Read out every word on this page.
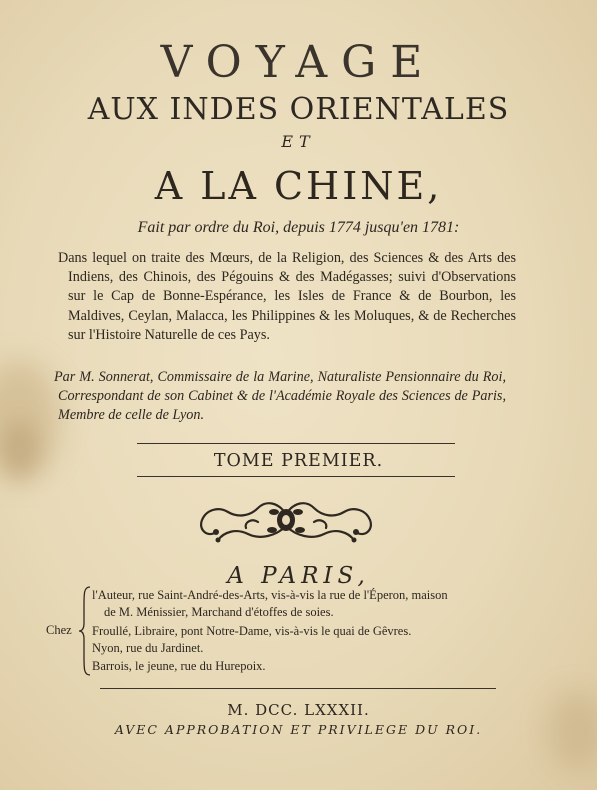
VOYAGE
AUX INDES ORIENTALES
ET
A LA CHINE,
Fait par ordre du Roi, depuis 1774 jusqu'en 1781:
Dans lequel on traite des Mœurs, de la Religion, des Sciences & des Arts des Indiens, des Chinois, des Pégouins & des Madégasses; suivi d'Observations sur le Cap de Bonne-Espérance, les Isles de France & de Bourbon, les Maldives, Ceylan, Malacca, les Philippines & les Moluques, & de Recherches sur l'Histoire Naturelle de ces Pays.
Par M. Sonnerat, Commissaire de la Marine, Naturaliste Pensionnaire du Roi, Correspondant de son Cabinet & de l'Académie Royale des Sciences de Paris, Membre de celle de Lyon.
TOME PREMIER.
A PARIS,
Chez
l'Auteur, rue Saint-André-des-Arts, vis-à-vis la rue de l'Éperon, maison
de M. Ménissier, Marchand d'étoffes de soies.
Froullé, Libraire, pont Notre-Dame, vis-à-vis le quai de Gêvres.
Nyon, rue du Jardinet.
Barrois, le jeune, rue du Hurepoix.
M. DCC. LXXXII.
AVEC APPROBATION ET PRIVILEGE DU ROI.
